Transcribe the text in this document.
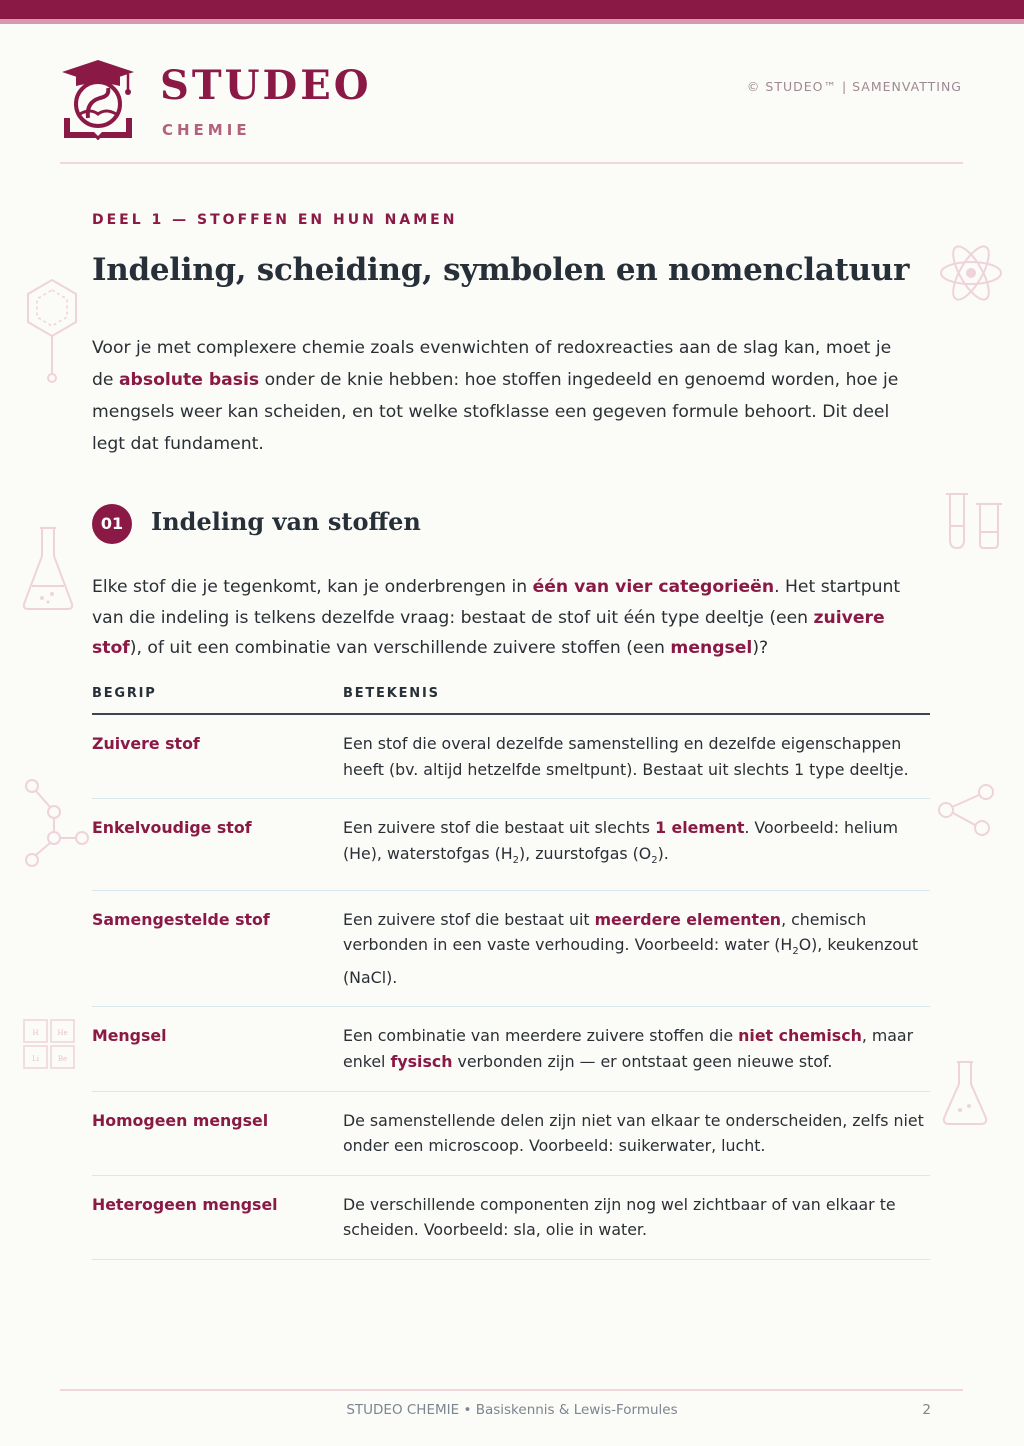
STUDEO
CHEMIE
© STUDEO™ | SAMENVATTING
H	He
Li	Be
DEEL 1 — STOFFEN EN HUN NAMEN
Indeling, scheiding, symbolen en nomenclatuur

Voor je met complexere chemie zoals evenwichten of redoxreacties aan de slag kan, moet je de absolute basis onder de knie hebben: hoe stoffen ingedeeld en genoemd worden, hoe je mengsels weer kan scheiden, en tot welke stofklasse een gegeven formule behoort. Dit deel legt dat fundament.

01	Indeling van stoffen

Elke stof die je tegenkomt, kan je onderbrengen in één van vier categorieën. Het startpunt van die indeling is telkens dezelfde vraag: bestaat de stof uit één type deeltje (een zuivere stof), of uit een combinatie van verschillende zuivere stoffen (een mengsel)?

BEGRIP	BETEKENIS
Zuivere stof	Een stof die overal dezelfde samenstelling en dezelfde eigenschappen heeft (bv. altijd hetzelfde smeltpunt). Bestaat uit slechts 1 type deeltje.
Enkelvoudige stof	Een zuivere stof die bestaat uit slechts 1 element. Voorbeeld: helium (He), waterstofgas $(H_2)$, zuurstofgas $(O_2)$.
Samengestelde stof	Een zuivere stof die bestaat uit meerdere elementen, chemisch verbonden in een vaste verhouding. Voorbeeld: water $(H_2O)$, keukenzout (NaCl).
Mengsel	Een combinatie van meerdere zuivere stoffen die niet chemisch, maar enkel fysisch verbonden zijn — er ontstaat geen nieuwe stof.
Homogeen mengsel	De samenstellende delen zijn niet van elkaar te onderscheiden, zelfs niet onder een microscoop. Voorbeeld: suikerwater, lucht.
Heterogeen mengsel	De verschillende componenten zijn nog wel zichtbaar of van elkaar te scheiden. Voorbeeld: sla, olie in water.
STUDEO CHEMIE • Basiskennis & Lewis-Formules	2
